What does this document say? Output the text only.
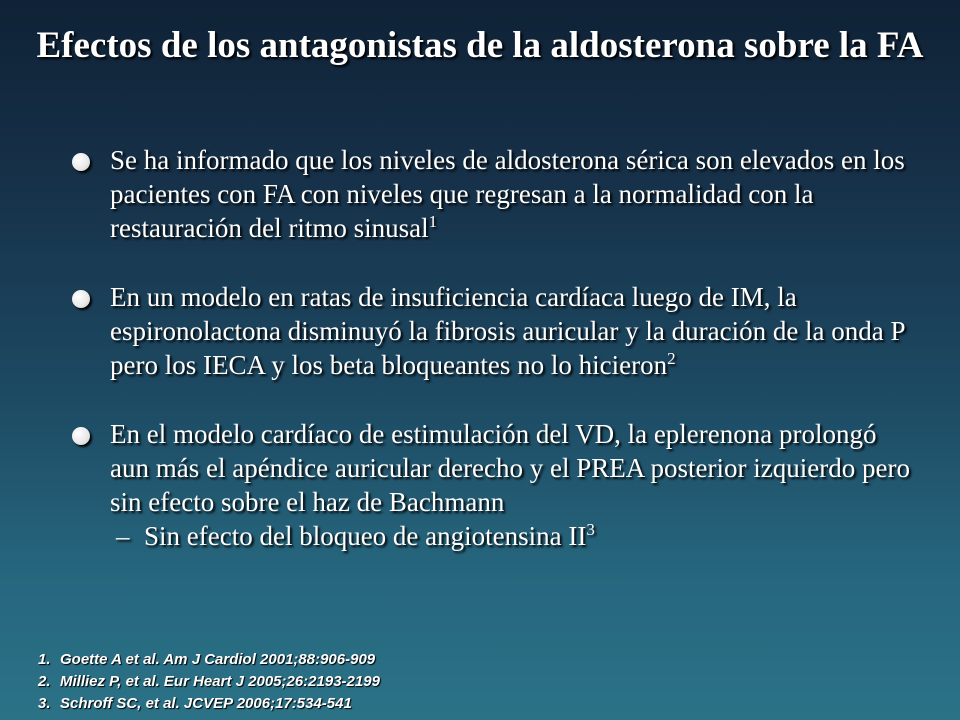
Efectos de los antagonistas de la aldosterona sobre la FA
Se ha informado que los niveles de aldosterona sérica son elevados en los pacientes con FA con niveles que regresan a la normalidad con la restauración del ritmo sinusal$^1$
En un modelo en ratas de insuficiencia cardíaca luego de IM, la espironolactona disminuyó la fibrosis auricular y la duración de la onda P pero los IECA y los beta bloqueantes no lo hicieron$^2$
En el modelo cardíaco de estimulación del VD, la eplerenona prolongó aun más el apéndice auricular derecho y el PREA posterior izquierdo pero sin efecto sobre el haz de Bachmann
– Sin efecto del bloqueo de angiotensina $II^3$
1. Goette A et al. Am J Cardiol 2001;88:906-909
2. Milliez P, et al. Eur Heart J 2005;26:2193-2199
3. Schroff SC, et al. JCVEP 2006;17:534-541
